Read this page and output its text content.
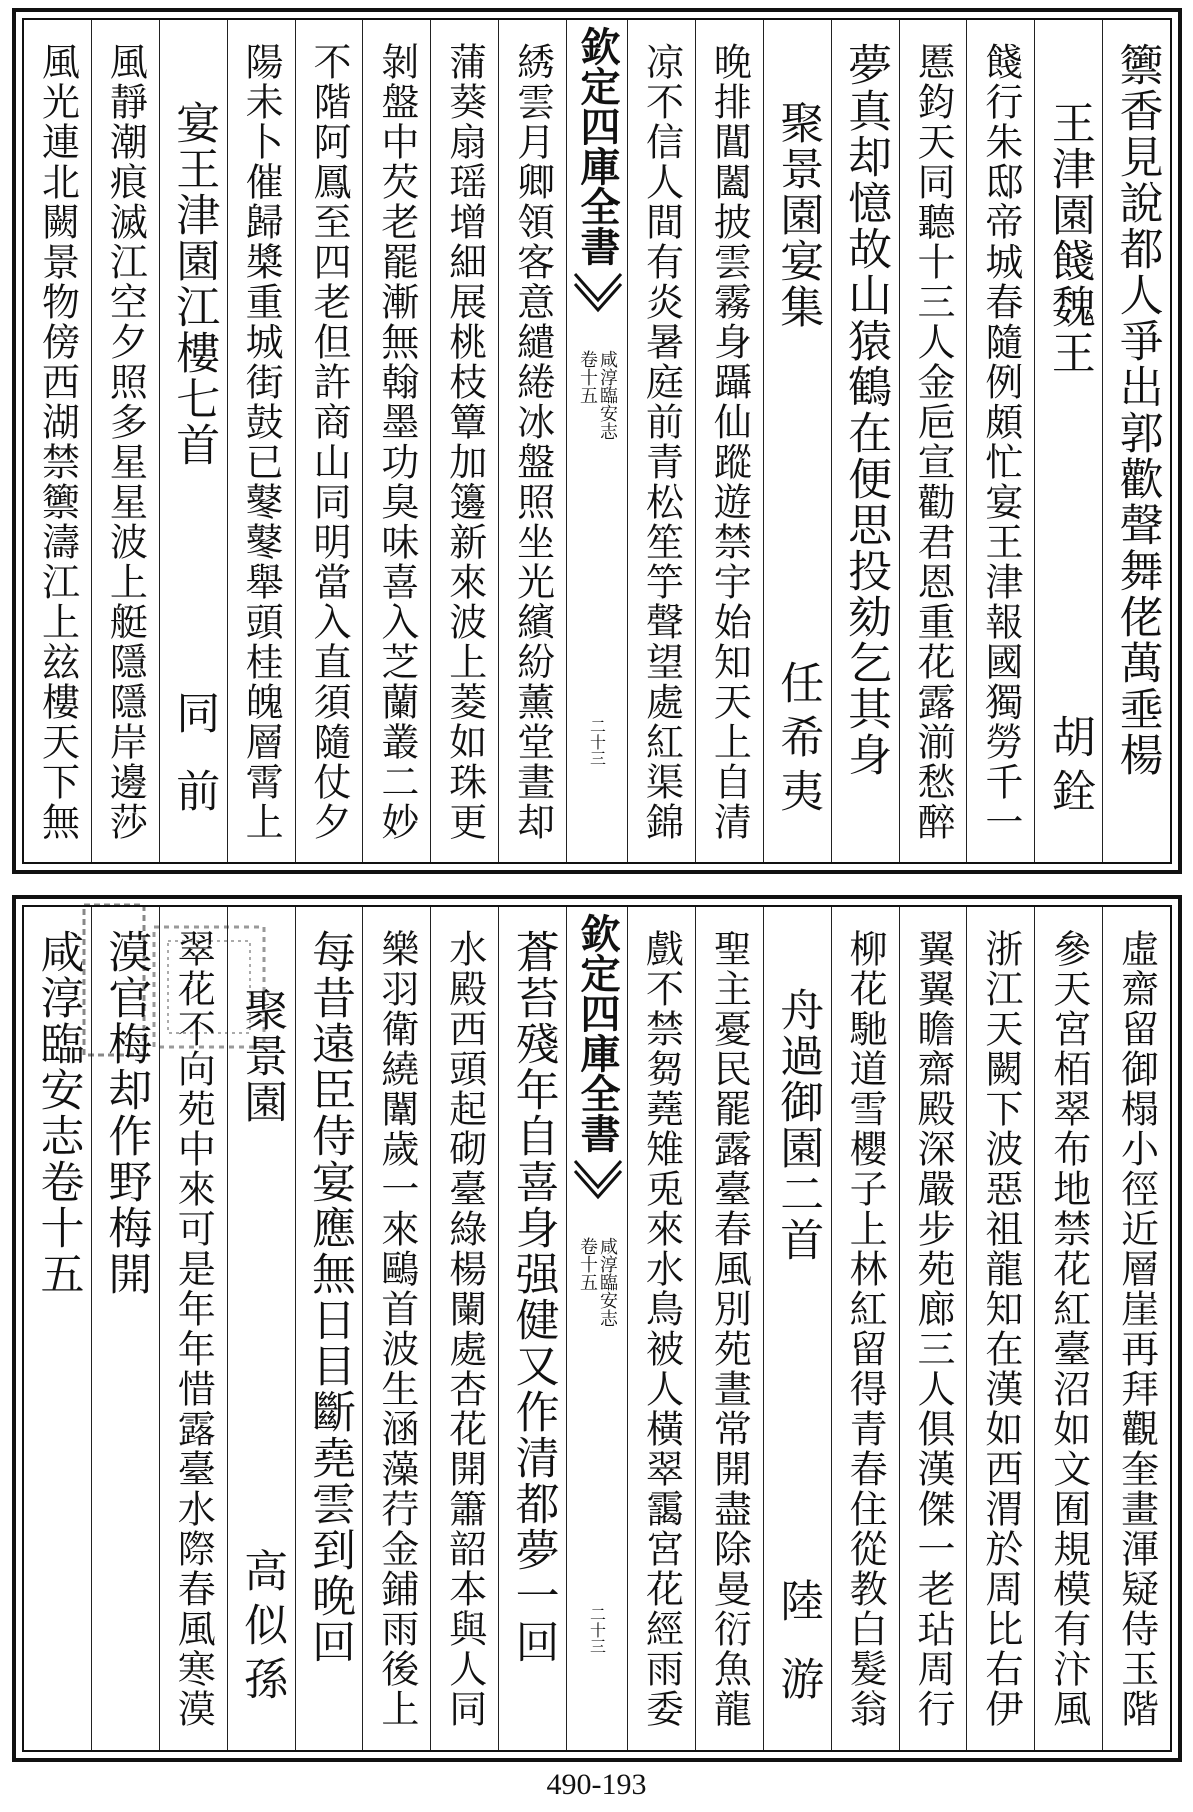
籞香見說都人爭出郭歡聲舞佬萬埀楊
王津園餞魏王
胡銓
餞行朱邸帝城春隨例頗忙宴王津報國獨勞千一
慝鈞天同聽十三人金巵宣勸君恩重花露湔愁醉
夢真却憶故山猿鶴在便思投劾乞其身
聚景園宴集
任希夷
晚排閶闔披雲霧身躡仙蹤遊禁宇始知天上自清
凉不信人間有炎暑庭前青松笙竽聲望處紅渠錦
欽定四庫全書
咸淳臨安志
卷十五
二十三
綉雲月卿領客意繾綣冰盤照坐光繽紛薰堂晝却
蒲葵扇瑶增細展桃枝簟加籩新來波上菱如珠更
剝盤中芡老罷漸無翰墨功臭味喜入芝蘭叢二妙
不階阿鳳至四老但許商山同明當入直須隨仗夕
陽未卜催歸槳重城街鼓已鼕鼕舉頭桂魄層霄上
宴王津園江樓七首
同 前
風靜潮痕滅江空夕照多星星波上艇隱隱岸邊莎
風光連北闕景物傍西湖禁籞濤江上玆樓天下無
虛齋留御榻小徑近層崖再拜觀奎畫渾疑侍玉階
參天宮栢翠布地禁花紅臺沼如文囿規模有汴風
浙江天闕下波惡祖龍知在漢如西渭於周比右伊
翼翼瞻齋殿深嚴步苑廊三人俱漢傑一老玷周行
柳花馳道雪櫻子上林紅留得青春住從教白髮翁
舟過御園二首
陸 游
聖主憂民罷露臺春風別苑晝常開盡除曼衍魚龍
戲不禁芻蕘雉兎來水鳥被人橫翠靄宮花經雨委
欽定四庫全書
咸淳臨安志
卷十五
二十三
蒼苔殘年自喜身强健又作清都夢一回
水殿西頭起砌臺綠楊闌處杏花開簫韶本與人同
樂羽衛繞闈歲一來鷗首波生涵藻荇金鋪雨後上
每昔遠臣侍宴應無日目斷堯雲到晚回
聚景園
高似孫
翠花不向苑中來可是年年惜露臺水際春風寒漠
漠官梅却作野梅開
咸淳臨安志卷十五
490-193
